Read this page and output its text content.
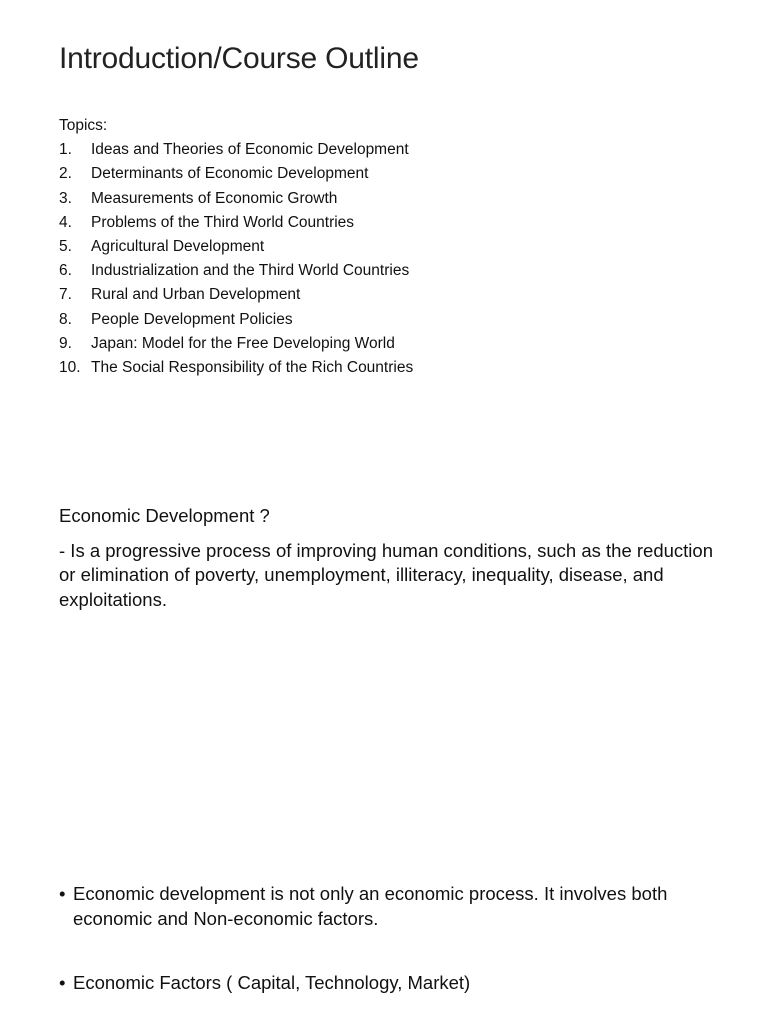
Introduction/Course Outline
Topics:
1.	Ideas and Theories of Economic Development
2.	Determinants of Economic Development
3.	Measurements of Economic Growth
4.	Problems of the Third World Countries
5.	Agricultural Development
6.	Industrialization and the Third World Countries
7.	Rural and Urban Development
8.	People Development Policies
9.	Japan: Model for the Free Developing World
10. The Social Responsibility of the Rich Countries
Economic Development ?
- Is a progressive process of improving human conditions, such as the reduction or elimination of poverty, unemployment, illiteracy, inequality, disease, and exploitations.
• Economic development is not only an economic process. It involves both economic and Non-economic factors.
• Economic Factors ( Capital, Technology, Market)
